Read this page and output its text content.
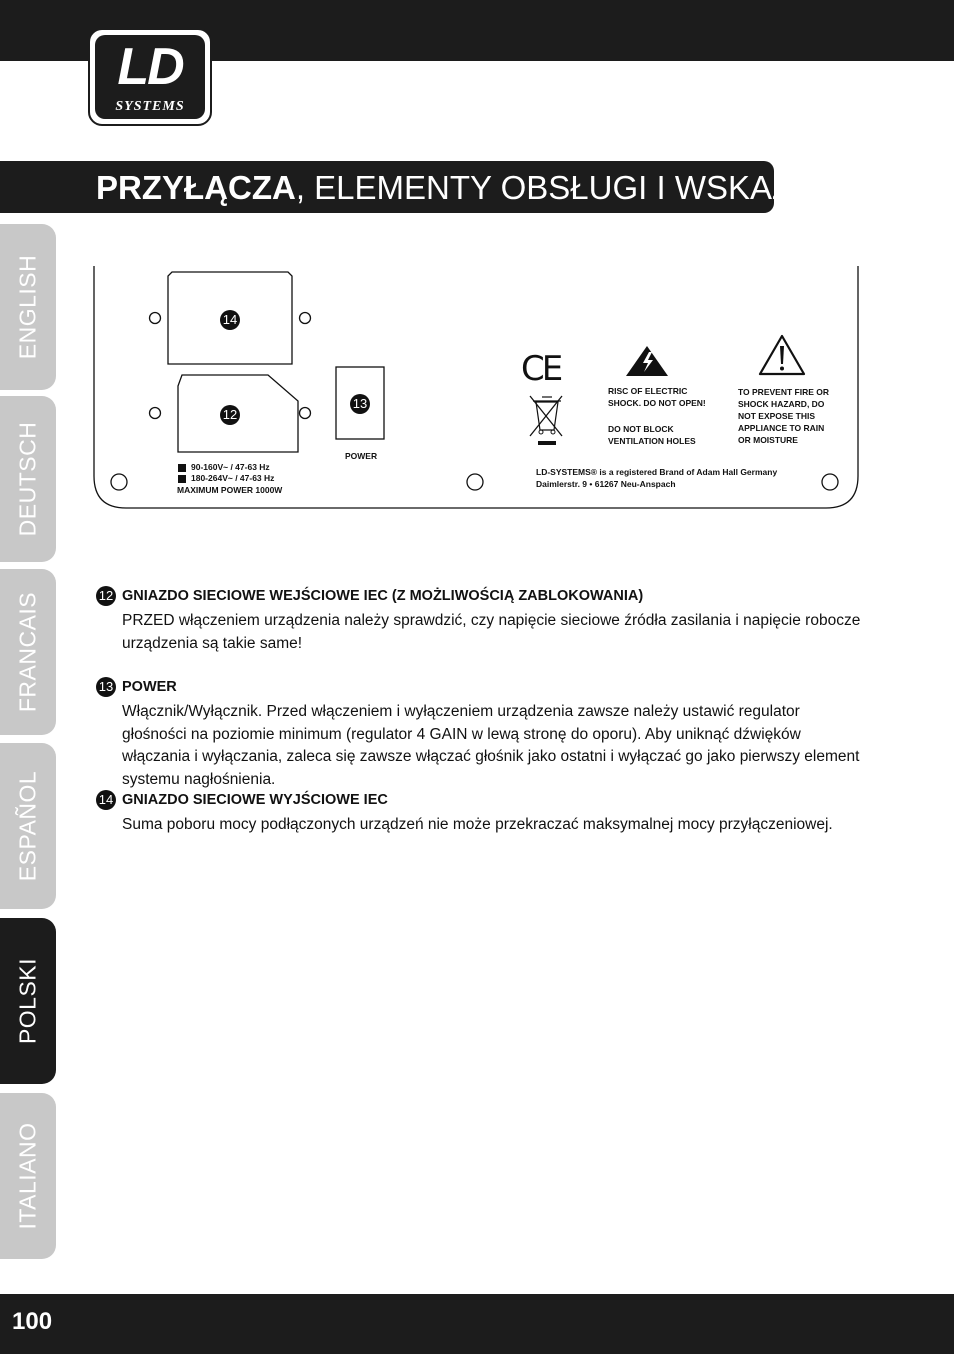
LD
SYSTEMS
PRZYŁĄCZA, ELEMENTY OBSŁUGI I WSKAŹNIKI:
ENGLISH
DEUTSCH
FRANCAIS
ESPAÑOL
POLSKI
ITALIANO
14
12
13
90-160V~ / 47-63 Hz
180-264V~ / 47-63 Hz
MAXIMUM POWER 1000W
POWER
CE
RISC OF ELECTRIC
SHOCK. DO NOT OPEN!
DO NOT BLOCK
VENTILATION HOLES
TO PREVENT FIRE OR
SHOCK HAZARD, DO
NOT EXPOSE THIS
APPLIANCE TO RAIN
OR MOISTURE
LD-SYSTEMS® is a registered Brand of Adam Hall Germany
Daimlerstr. 9 • 61267 Neu-Anspach
12 GNIAZDO SIECIOWE WEJŚCIOWE IEC (Z MOŻLIWOŚCIĄ ZABLOKOWANIA)
PRZED włączeniem urządzenia należy sprawdzić, czy napięcie sieciowe źródła zasilania i napięcie robocze urządzenia są takie same!
13 POWER
Włącznik/Wyłącznik. Przed włączeniem i wyłączeniem urządzenia zawsze należy ustawić regulator głośności na poziomie minimum (regulator 4 GAIN w lewą stronę do oporu). Aby uniknąć dźwięków włączania i wyłączania, zaleca się zawsze włączać głośnik jako ostatni i wyłączać go jako pierwszy element systemu nagłośnienia.
14 GNIAZDO SIECIOWE WYJŚCIOWE IEC
Suma poboru mocy podłączonych urządzeń nie może przekraczać maksymalnej mocy przyłączeniowej.
100
